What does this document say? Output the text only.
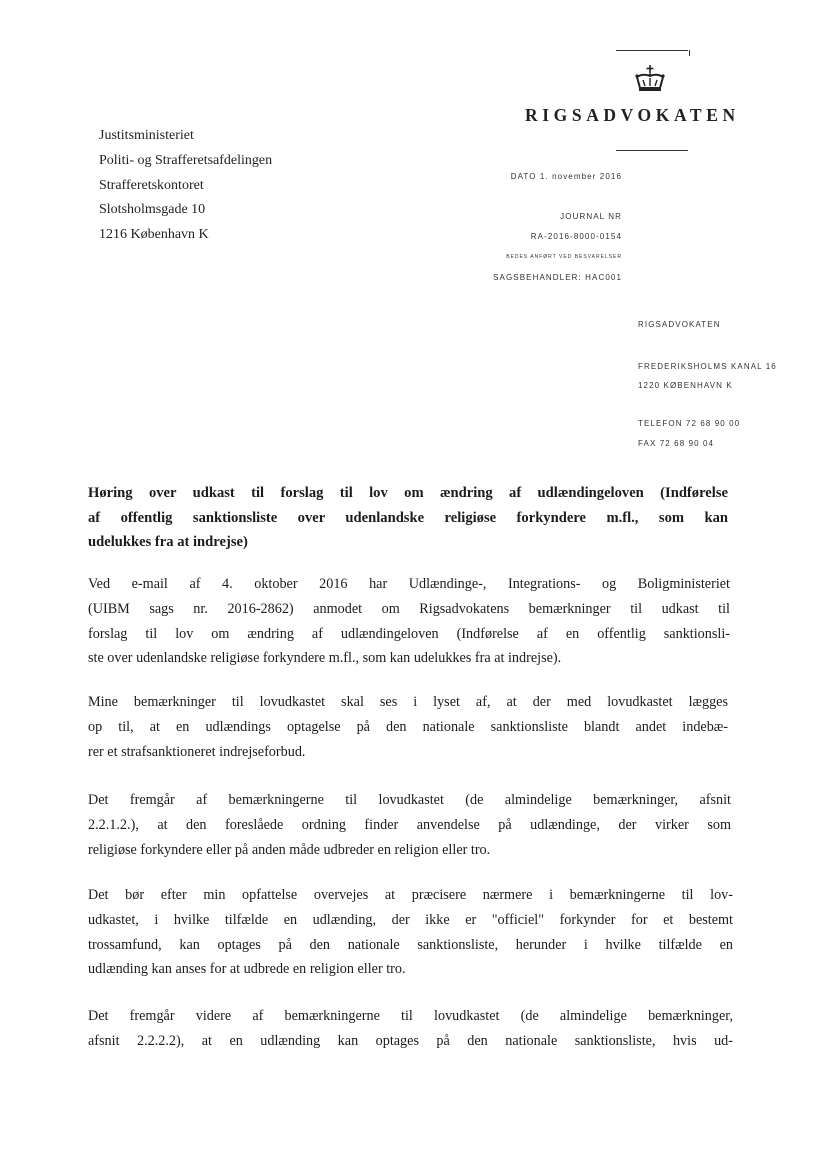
RIGSADVOKATEN
Justitsministeriet
Politi- og Strafferetsafdelingen
Strafferetskontoret
Slotsholmsgade 10
1216 København K
DATO 1. november 2016
JOURNAL NR
RA-2016-8000-0154
BEDES ANFØRT VED BESVARELSER
SAGSBEHANDLER: HAC001
RIGSADVOKATEN
FREDERIKSHOLMS KANAL 16
1220 KØBENHAVN K
TELEFON 72 68 90 00
FAX 72 68 90 04
Høring over udkast til forslag til lov om ændring af udlændingeloven (Indførelse
af offentlig sanktionsliste over udenlandske religiøse forkyndere m.fl., som kan
udelukkes fra at indrejse)
Ved e-mail af 4. oktober 2016 har Udlændinge-, Integrations- og Boligministeriet
(UIBM sags nr. 2016-2862) anmodet om Rigsadvokatens bemærkninger til udkast til
forslag til lov om ændring af udlændingeloven (Indførelse af en offentlig sanktionsli-
ste over udenlandske religiøse forkyndere m.fl., som kan udelukkes fra at indrejse).
Mine bemærkninger til lovudkastet skal ses i lyset af, at der med lovudkastet lægges
op til, at en udlændings optagelse på den nationale sanktionsliste blandt andet indebæ-
rer et strafsanktioneret indrejseforbud.
Det fremgår af bemærkningerne til lovudkastet (de almindelige bemærkninger, afsnit
2.2.1.2.), at den foreslåede ordning finder anvendelse på udlændinge, der virker som
religiøse forkyndere eller på anden måde udbreder en religion eller tro.
Det bør efter min opfattelse overvejes at præcisere nærmere i bemærkningerne til lov-
udkastet, i hvilke tilfælde en udlænding, der ikke er "officiel" forkynder for et bestemt
trossamfund, kan optages på den nationale sanktionsliste, herunder i hvilke tilfælde en
udlænding kan anses for at udbrede en religion eller tro.
Det fremgår videre af bemærkningerne til lovudkastet (de almindelige bemærkninger,
afsnit 2.2.2.2), at en udlænding kan optages på den nationale sanktionsliste, hvis ud-
